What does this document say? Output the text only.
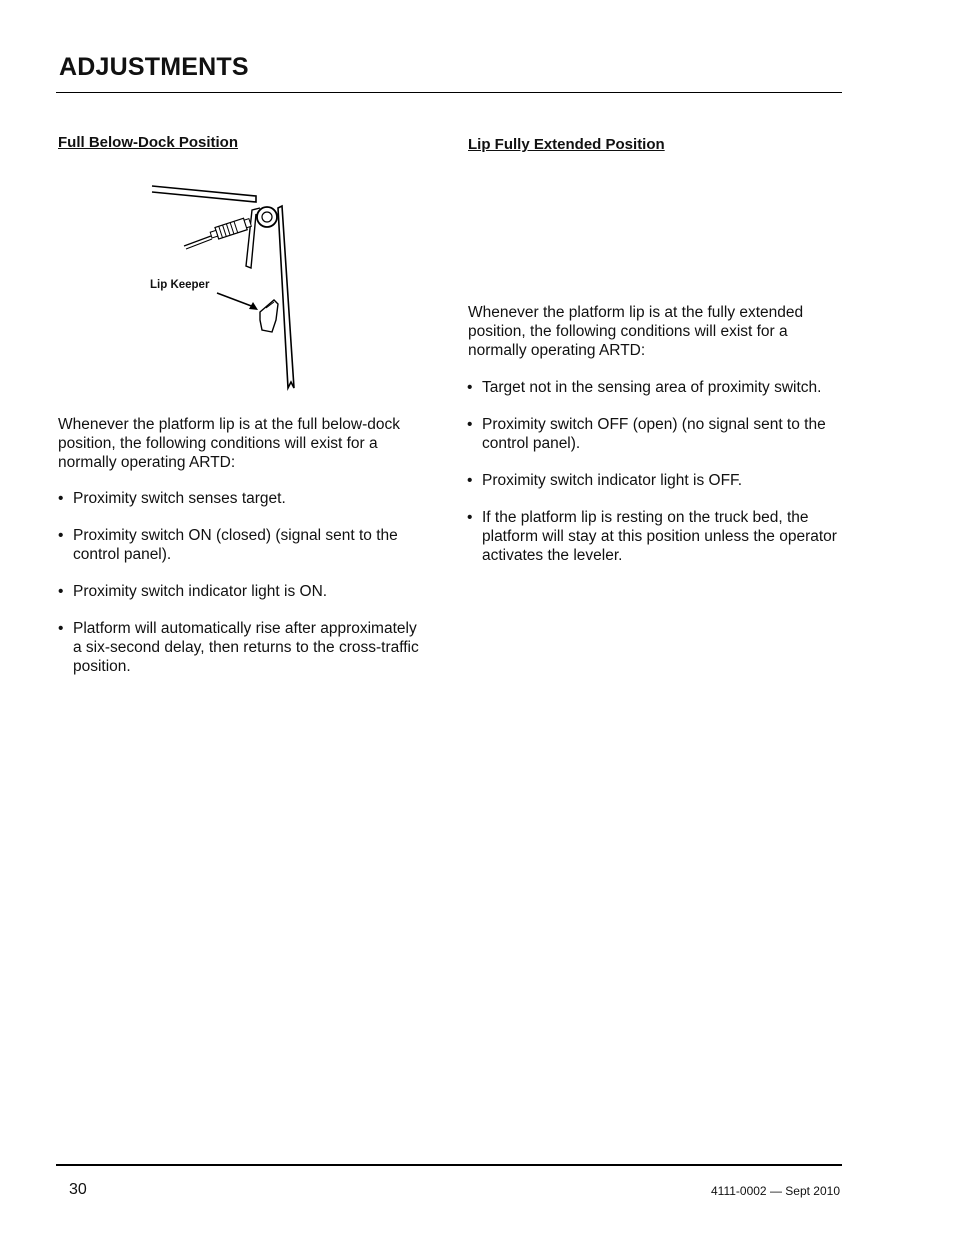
ADJUSTMENTS
Full Below-Dock Position
Lip Keeper

Whenever the platform lip is at the full below-dock position, the following conditions will exist for a normally operating ARTD:

• Proximity switch senses target.
• Proximity switch ON (closed) (signal sent to the control panel).
• Proximity switch indicator light is ON.
• Platform will automatically rise after approximately a six-second delay, then returns to the cross-traffic position.
Lip Fully Extended Position

Whenever the platform lip is at the fully extended position, the following conditions will exist for a normally operating ARTD:

• Target not in the sensing area of proximity switch.
• Proximity switch OFF (open) (no signal sent to the control panel).
• Proximity switch indicator light is OFF.
• If the platform lip is resting on the truck bed, the platform will stay at this position unless the operator activates the leveler.
30	4111-0002 — Sept 2010
